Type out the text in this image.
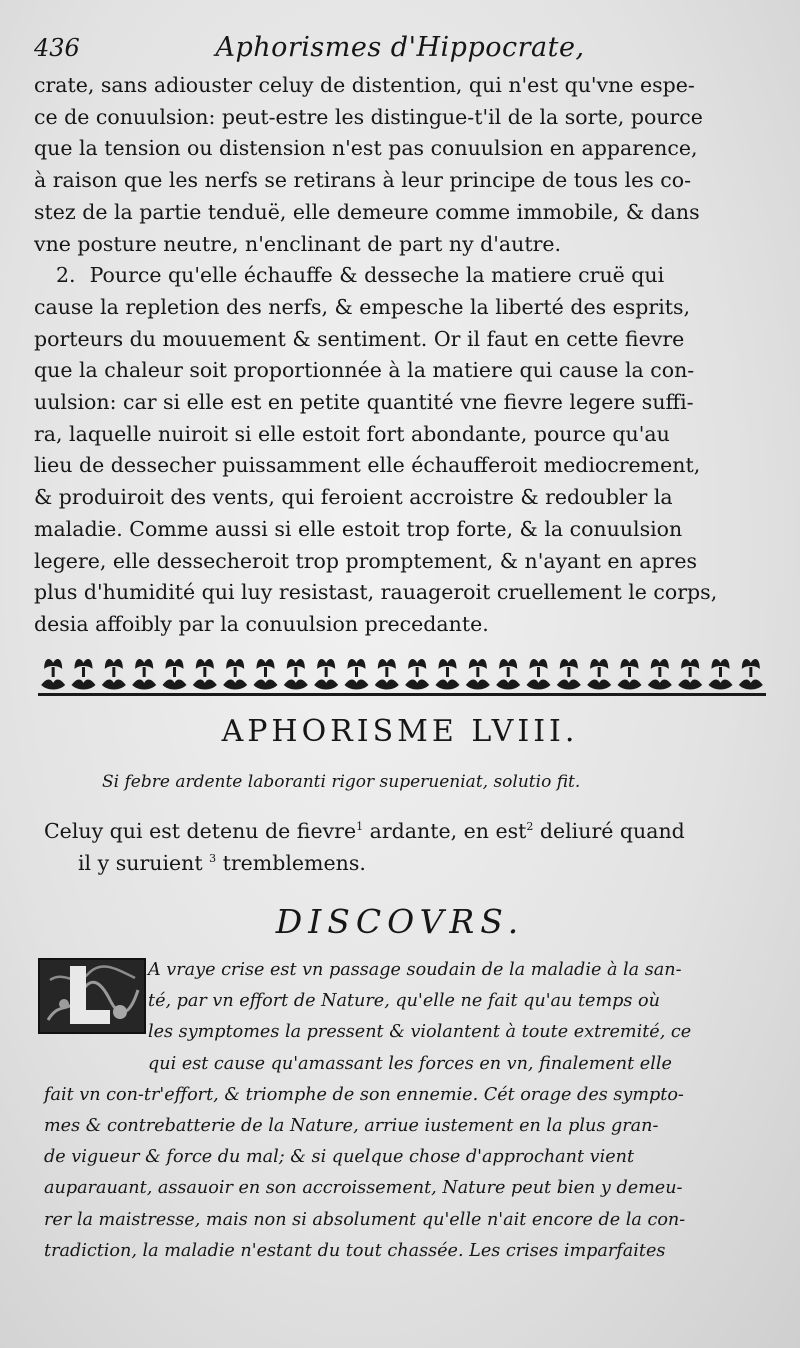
436	Aphorismes d'Hippocrate,

crate, sans adiouster celuy de distention, qui n'est qu'vne espe-

ce de conuulsion: peut-estre les distingue-t'il de la sorte, pource

que la tension ou distension n'est pas conuulsion en apparence,

à raison que les nerfs se retirans à leur principe de tous les co-

stez de la partie tenduë, elle demeure comme immobile, & dans

vne posture neutre, n'enclinant de part ny d'autre.

2. Pource qu'elle échauffe & desseche la matiere cruë qui

cause la repletion des nerfs, & empesche la liberté des esprits,

porteurs du mouuement & sentiment. Or il faut en cette fievre

que la chaleur soit proportionnée à la matiere qui cause la con-

uulsion: car si elle est en petite quantité vne fievre legere suffi-

ra, laquelle nuiroit si elle estoit fort abondante, pource qu'au

lieu de dessecher puissamment elle échaufferoit mediocrement,

& produiroit des vents, qui feroient accroistre & redoubler la

maladie. Comme aussi si elle estoit trop forte, & la conuulsion

legere, elle dessecheroit trop promptement, & n'ayant en apres

plus d'humidité qui luy resistast, rauageroit cruellement le corps,

desia affoibly par la conuulsion precedante.

APHORISME LVIII.
Si febre ardente laboranti rigor superueniat, solutio fit.
Celuy qui est detenu de fievre$^1$ ardante, en est$^2$ deliuré quand
il y suruient $^3$ tremblemens.
DISCOVRS.
A vraye crise est vn passage soudain de la maladie à la san-
té, par vn effort de Nature, qu'elle ne fait qu'au temps où
les symptomes la pressent & violantent à toute extremité, ce
qui est cause qu'amassant les forces en vn, finalement elle
fait vn con-tr'effort, & triomphe de son ennemie. Cét orage des sympto-
mes & contrebatterie de la Nature, arriue iustement en la plus gran-
de vigueur & force du mal; & si quelque chose d'approchant vient
auparauant, assauoir en son accroissement, Nature peut bien y demeu-
rer la maistresse, mais non si absolument qu'elle n'ait encore de la con-
tradiction, la maladie n'estant du tout chassée. Les crises imparfaites
